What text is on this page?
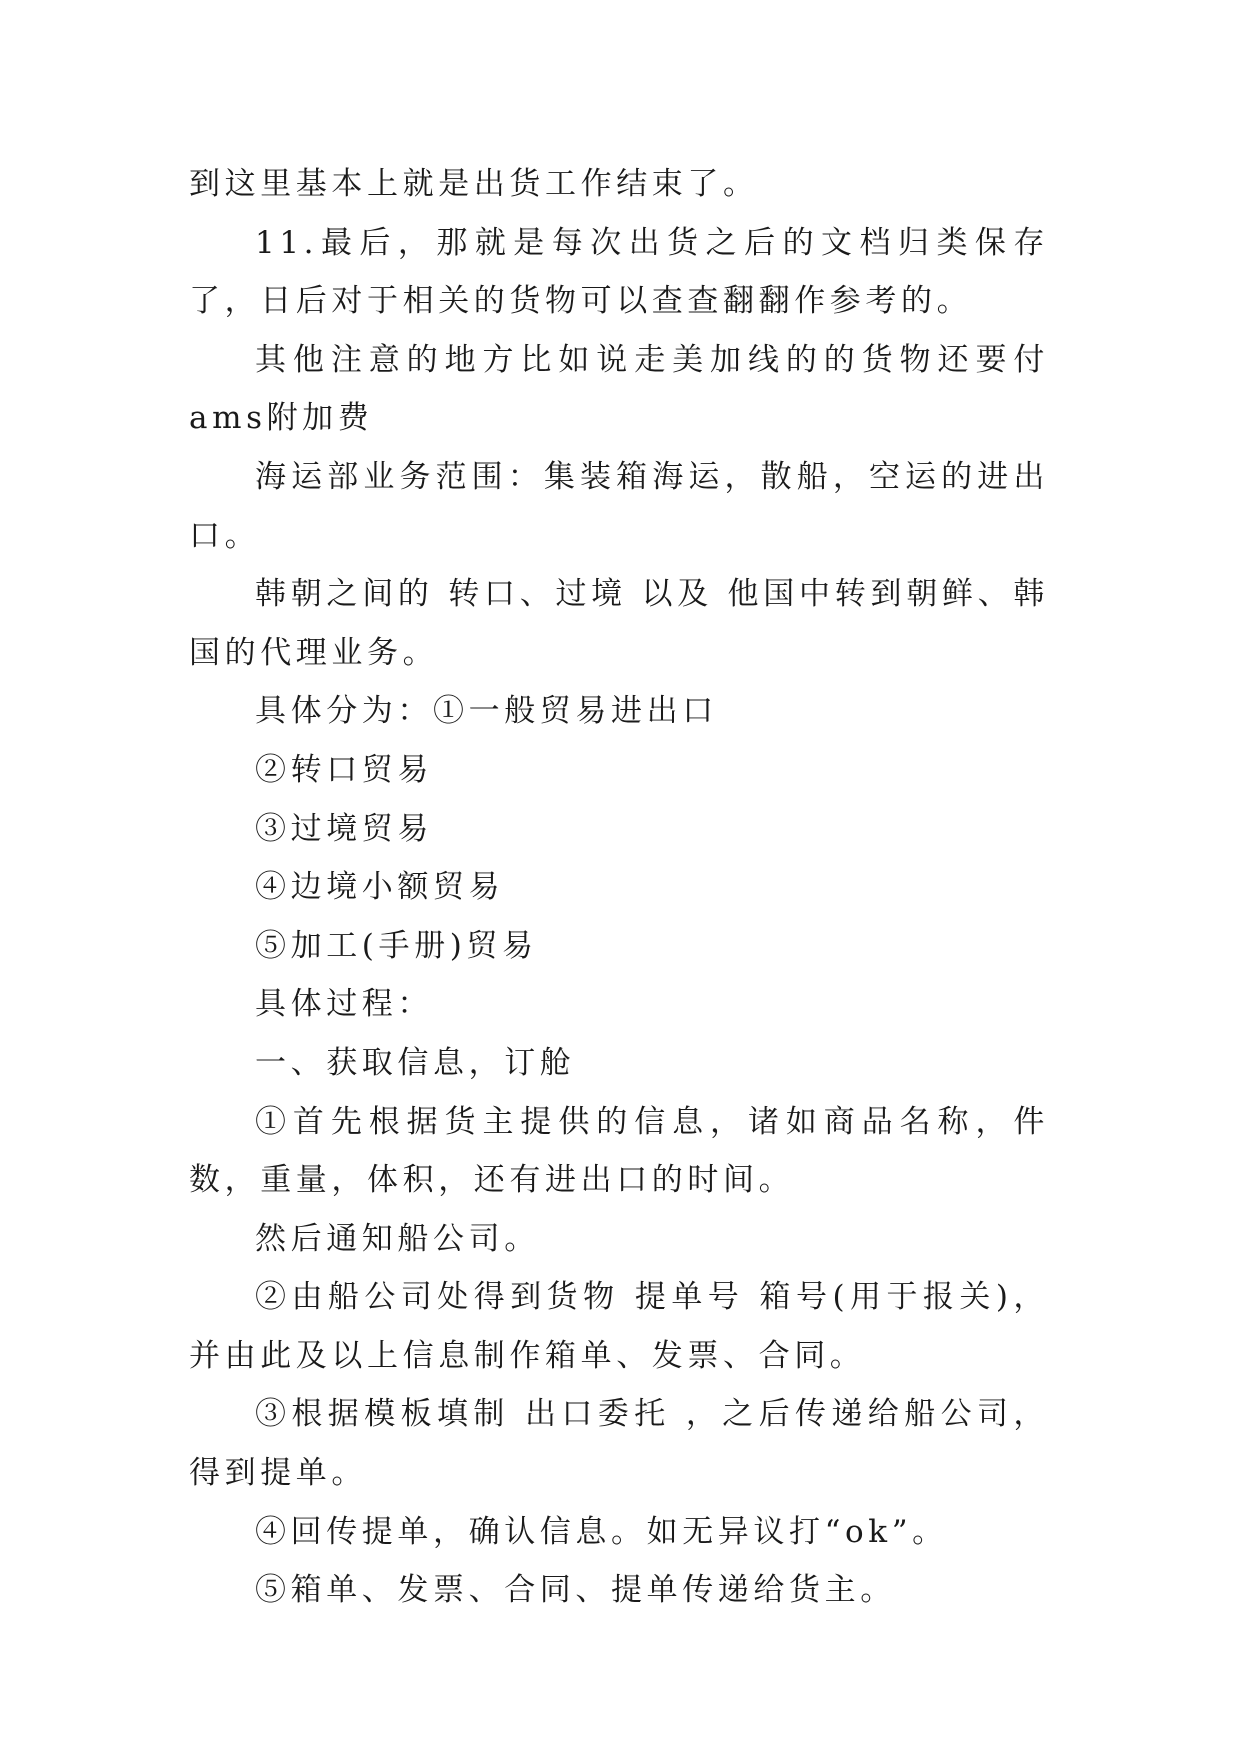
到这里基本上就是出货工作结束了。

11.最后，那就是每次出货之后的文档归类保存了，日后对于相关的货物可以查查翻翻作参考的。

其他注意的地方比如说走美加线的的货物还要付ams附加费

海运部业务范围：集装箱海运，散船，空运的进出口。

韩朝之间的 转口、过境 以及 他国中转到朝鲜、韩国的代理业务。

具体分为：①一般贸易进出口

②转口贸易

③过境贸易

④边境小额贸易

⑤加工(手册)贸易

具体过程：

一、获取信息，订舱

①首先根据货主提供的信息，诸如商品名称，件数，重量，体积，还有进出口的时间。

然后通知船公司。

②由船公司处得到货物 提单号 箱号(用于报关)，并由此及以上信息制作箱单、发票、合同。

③根据模板填制 出口委托 ，之后传递给船公司，得到提单。

④回传提单，确认信息。如无异议打“ok”。

⑤箱单、发票、合同、提单传递给货主。
